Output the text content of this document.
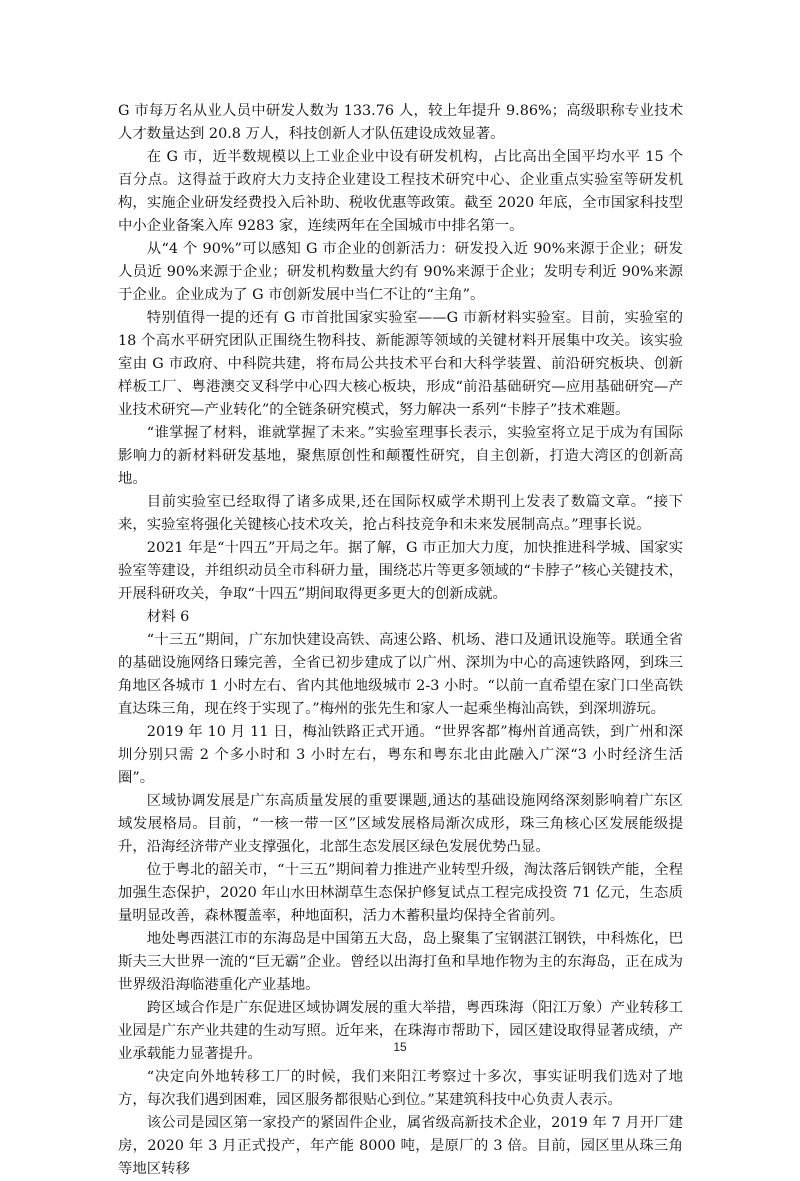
G 市每万名从业人员中研发人数为 133.76 人，较上年提升 9.86%；高级职称专业技术人才数量达到 20.8 万人，科技创新人才队伍建设成效显著。

在 G 市，近半数规模以上工业企业中设有研发机构，占比高出全国平均水平 15 个百分点。这得益于政府大力支持企业建设工程技术研究中心、企业重点实验室等研发机构，实施企业研发经费投入后补助、税收优惠等政策。截至 2020 年底，全市国家科技型中小企业备案入库 9283 家，连续两年在全国城市中排名第一。

从“4 个 90%”可以感知 G 市企业的创新活力：研发投入近 90%来源于企业；研发人员近 90%来源于企业；研发机构数量大约有 90%来源于企业；发明专利近 90%来源于企业。企业成为了 G 市创新发展中当仁不让的“主角”。

特别值得一提的还有 G 市首批国家实验室——G 市新材料实验室。目前，实验室的 18 个高水平研究团队正围绕生物科技、新能源等领域的关键材料开展集中攻关。该实验室由 G 市政府、中科院共建，将布局公共技术平台和大科学装置、前沿研究板块、创新样板工厂、粤港澳交叉科学中心四大核心板块，形成“前沿基础研究—应用基础研究—产业技术研究—产业转化”的全链条研究模式，努力解决一系列“卡脖子”技术难题。

“谁掌握了材料，谁就掌握了未来。”实验室理事长表示，实验室将立足于成为有国际影响力的新材料研发基地，聚焦原创性和颠覆性研究，自主创新，打造大湾区的创新高地。

目前实验室已经取得了诸多成果,还在国际权威学术期刊上发表了数篇文章。“接下来，实验室将强化关键核心技术攻关，抢占科技竞争和未来发展制高点。”理事长说。

2021 年是“十四五”开局之年。据了解，G 市正加大力度，加快推进科学城、国家实验室等建设，并组织动员全市科研力量，围绕芯片等更多领域的“卡脖子”核心关键技术，开展科研攻关，争取“十四五”期间取得更多更大的创新成就。

材料 6

“十三五”期间，广东加快建设高铁、高速公路、机场、港口及通讯设施等。联通全省的基础设施网络日臻完善，全省已初步建成了以广州、深圳为中心的高速铁路网，到珠三角地区各城市 1 小时左右、省内其他地级城市 2-3 小时。“以前一直希望在家门口坐高铁直达珠三角，现在终于实现了。”梅州的张先生和家人一起乘坐梅汕高铁，到深圳游玩。

2019 年 10 月 11 日，梅汕铁路正式开通。“世界客都”梅州首通高铁，到广州和深圳分别只需 2 个多小时和 3 小时左右，粤东和粤东北由此融入广深“3 小时经济生活圈”。

区域协调发展是广东高质量发展的重要课题,通达的基础设施网络深刻影响着广东区域发展格局。目前，“一核一带一区”区域发展格局渐次成形，珠三角核心区发展能级提升，沿海经济带产业支撑强化，北部生态发展区绿色发展优势凸显。

位于粤北的韶关市，“十三五”期间着力推进产业转型升级，淘汰落后钢铁产能，全程加强生态保护，2020 年山水田林湖草生态保护修复试点工程完成投资 71 亿元，生态质量明显改善，森林覆盖率，种地面积，活力木蓄积量均保持全省前列。

地处粤西湛江市的东海岛是中国第五大岛，岛上聚集了宝钢湛江钢铁，中科炼化，巴斯夫三大世界一流的“巨无霸”企业。曾经以出海打鱼和旱地作物为主的东海岛，正在成为世界级沿海临港重化产业基地。

跨区域合作是广东促进区域协调发展的重大举措，粤西珠海（阳江万象）产业转移工业园是广东产业共建的生动写照。近年来，在珠海市帮助下，园区建设取得显著成绩，产业承载能力显著提升。

“决定向外地转移工厂的时候，我们来阳江考察过十多次，事实证明我们选对了地方，每次我们遇到困难，园区服务都很贴心到位。”某建筑科技中心负责人表示。

该公司是园区第一家投产的紧固件企业，属省级高新技术企业，2019 年 7 月开厂建房，2020 年 3 月正式投产，年产能 8000 吨，是原厂的 3 倍。目前，园区里从珠三角等地区转移

15
